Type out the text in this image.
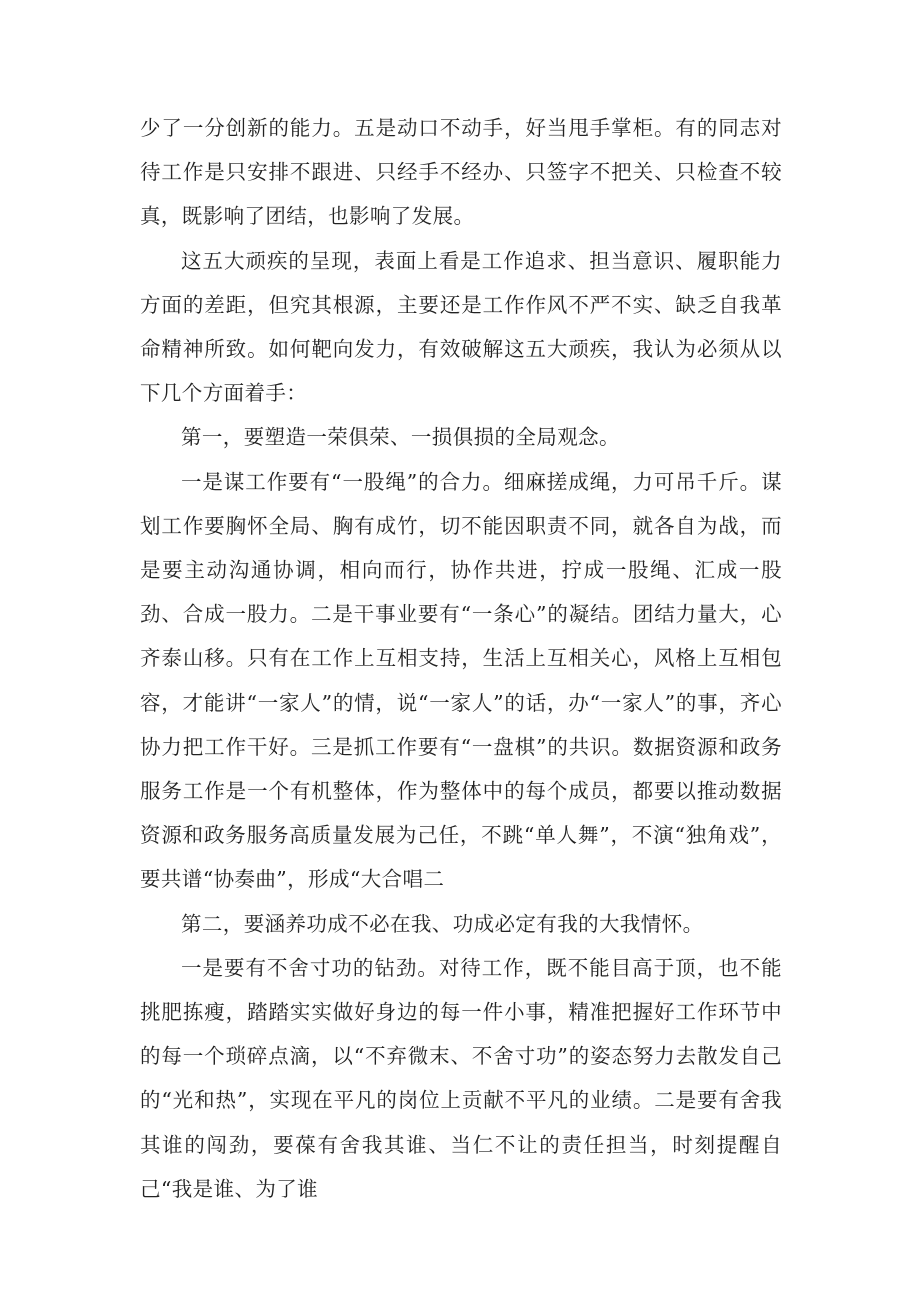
少了一分创新的能力。五是动口不动手，好当甩手掌柜。有的同志对待工作是只安排不跟进、只经手不经办、只签字不把关、只检查不较真，既影响了团结，也影响了发展。

这五大顽疾的呈现，表面上看是工作追求、担当意识、履职能力方面的差距，但究其根源，主要还是工作作风不严不实、缺乏自我革命精神所致。如何靶向发力，有效破解这五大顽疾，我认为必须从以下几个方面着手：

第一，要塑造一荣俱荣、一损俱损的全局观念。

一是谋工作要有“一股绳”的合力。细麻搓成绳，力可吊千斤。谋划工作要胸怀全局、胸有成竹，切不能因职责不同，就各自为战，而是要主动沟通协调，相向而行，协作共进，拧成一股绳、汇成一股劲、合成一股力。二是干事业要有“一条心”的凝结。团结力量大，心齐泰山移。只有在工作上互相支持，生活上互相关心，风格上互相包容，才能讲“一家人”的情，说“一家人”的话，办“一家人”的事，齐心协力把工作干好。三是抓工作要有“一盘棋”的共识。数据资源和政务服务工作是一个有机整体，作为整体中的每个成员，都要以推动数据资源和政务服务高质量发展为己任，不跳“单人舞”，不演“独角戏”，要共谱“协奏曲”，形成“大合唱二

第二，要涵养功成不必在我、功成必定有我的大我情怀。

一是要有不舍寸功的钻劲。对待工作，既不能目高于顶，也不能挑肥拣瘦，踏踏实实做好身边的每一件小事，精准把握好工作环节中的每一个琐碎点滴，以“不弃微末、不舍寸功”的姿态努力去散发自己的“光和热”，实现在平凡的岗位上贡献不平凡的业绩。二是要有舍我其谁的闯劲，要葆有舍我其谁、当仁不让的责任担当，时刻提醒自己“我是谁、为了谁
